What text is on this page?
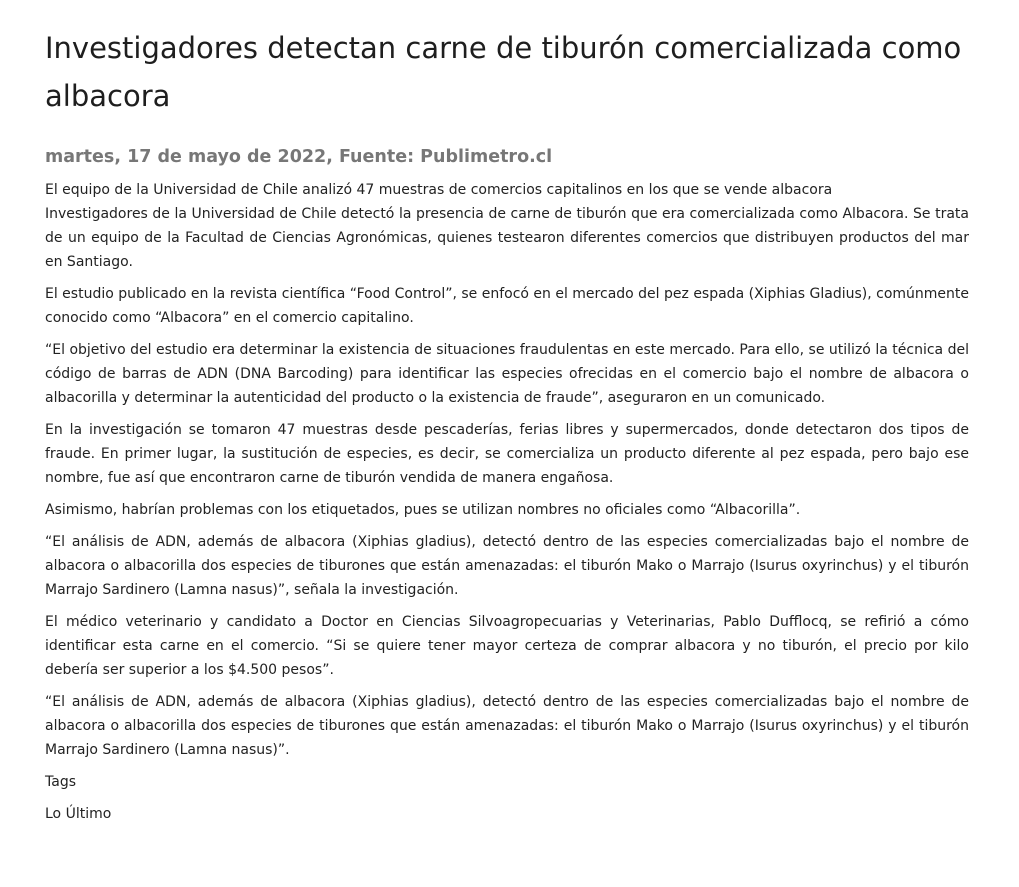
Investigadores detectan carne de tiburón comercializada como albacora
martes, 17 de mayo de 2022, Fuente: Publimetro.cl

El equipo de la Universidad de Chile analizó 47 muestras de comercios capitalinos en los que se vende albacora

Investigadores de la Universidad de Chile detectó la presencia de carne de tiburón que era comercializada como Albacora. Se trata de un equipo de la Facultad de Ciencias Agronómicas, quienes testearon diferentes comercios que distribuyen productos del mar en Santiago.

El estudio publicado en la revista científica “Food Control”, se enfocó en el mercado del pez espada (Xiphias Gladius), comúnmente conocido como “Albacora” en el comercio capitalino.

“El objetivo del estudio era determinar la existencia de situaciones fraudulentas en este mercado. Para ello, se utilizó la técnica del código de barras de ADN (DNA Barcoding) para identificar las especies ofrecidas en el comercio bajo el nombre de albacora o albacorilla y determinar la autenticidad del producto o la existencia de fraude”, aseguraron en un comunicado.

En la investigación se tomaron 47 muestras desde pescaderías, ferias libres y supermercados, donde detectaron dos tipos de fraude. En primer lugar, la sustitución de especies, es decir, se comercializa un producto diferente al pez espada, pero bajo ese nombre, fue así que encontraron carne de tiburón vendida de manera engañosa.

Asimismo, habrían problemas con los etiquetados, pues se utilizan nombres no oficiales como “Albacorilla”.

“El análisis de ADN, además de albacora (Xiphias gladius), detectó dentro de las especies comercializadas bajo el nombre de albacora o albacorilla dos especies de tiburones que están amenazadas: el tiburón Mako o Marrajo (Isurus oxyrinchus) y el tiburón Marrajo Sardinero (Lamna nasus)”, señala la investigación.

El médico veterinario y candidato a Doctor en Ciencias Silvoagropecuarias y Veterinarias, Pablo Dufflocq, se refirió a cómo identificar esta carne en el comercio. “Si se quiere tener mayor certeza de comprar albacora y no tiburón, el precio por kilo debería ser superior a los $4.500 pesos”.

“El análisis de ADN, además de albacora (Xiphias gladius), detectó dentro de las especies comercializadas bajo el nombre de albacora o albacorilla dos especies de tiburones que están amenazadas: el tiburón Mako o Marrajo (Isurus oxyrinchus) y el tiburón Marrajo Sardinero (Lamna nasus)”.

Tags
Lo Último
